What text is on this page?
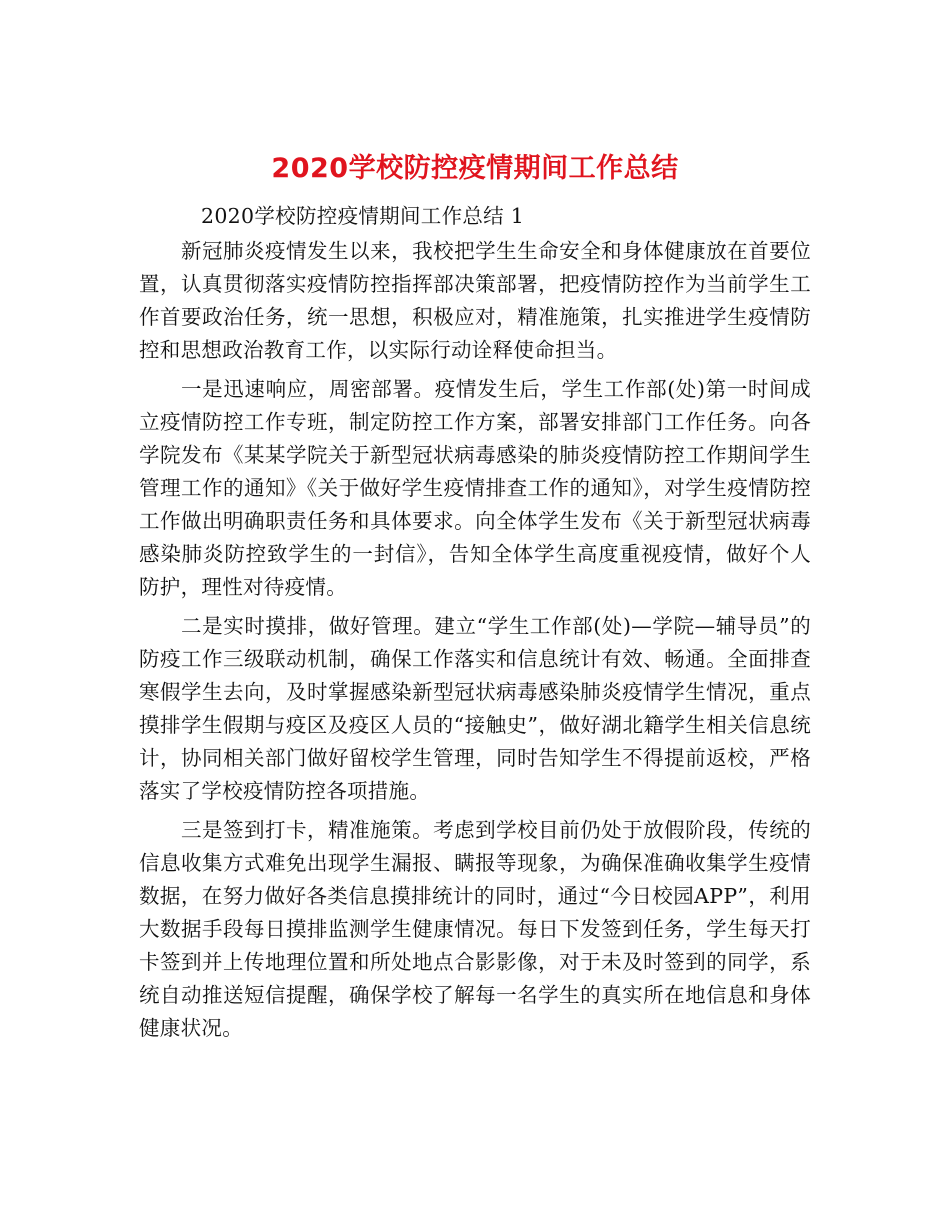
2020学校防控疫情期间工作总结

2020学校防控疫情期间工作总结 1

新冠肺炎疫情发生以来，我校把学生生命安全和身体健康放在首要位置，认真贯彻落实疫情防控指挥部决策部署，把疫情防控作为当前学生工作首要政治任务，统一思想，积极应对，精准施策，扎实推进学生疫情防控和思想政治教育工作，以实际行动诠释使命担当。

一是迅速响应，周密部署。疫情发生后，学生工作部(处)第一时间成立疫情防控工作专班，制定防控工作方案，部署安排部门工作任务。向各学院发布《某某学院关于新型冠状病毒感染的肺炎疫情防控工作期间学生管理工作的通知》《关于做好学生疫情排查工作的通知》，对学生疫情防控工作做出明确职责任务和具体要求。向全体学生发布《关于新型冠状病毒感染肺炎防控致学生的一封信》，告知全体学生高度重视疫情，做好个人防护，理性对待疫情。

二是实时摸排，做好管理。建立“学生工作部(处)—学院—辅导员”的防疫工作三级联动机制，确保工作落实和信息统计有效、畅通。全面排查寒假学生去向，及时掌握感染新型冠状病毒感染肺炎疫情学生情况，重点摸排学生假期与疫区及疫区人员的“接触史”，做好湖北籍学生相关信息统计，协同相关部门做好留校学生管理，同时告知学生不得提前返校，严格落实了学校疫情防控各项措施。

三是签到打卡，精准施策。考虑到学校目前仍处于放假阶段，传统的信息收集方式难免出现学生漏报、瞒报等现象，为确保准确收集学生疫情数据，在努力做好各类信息摸排统计的同时，通过“今日校园APP”，利用大数据手段每日摸排监测学生健康情况。每日下发签到任务，学生每天打卡签到并上传地理位置和所处地点合影影像，对于未及时签到的同学，系统自动推送短信提醒，确保学校了解每一名学生的真实所在地信息和身体健康状况。
